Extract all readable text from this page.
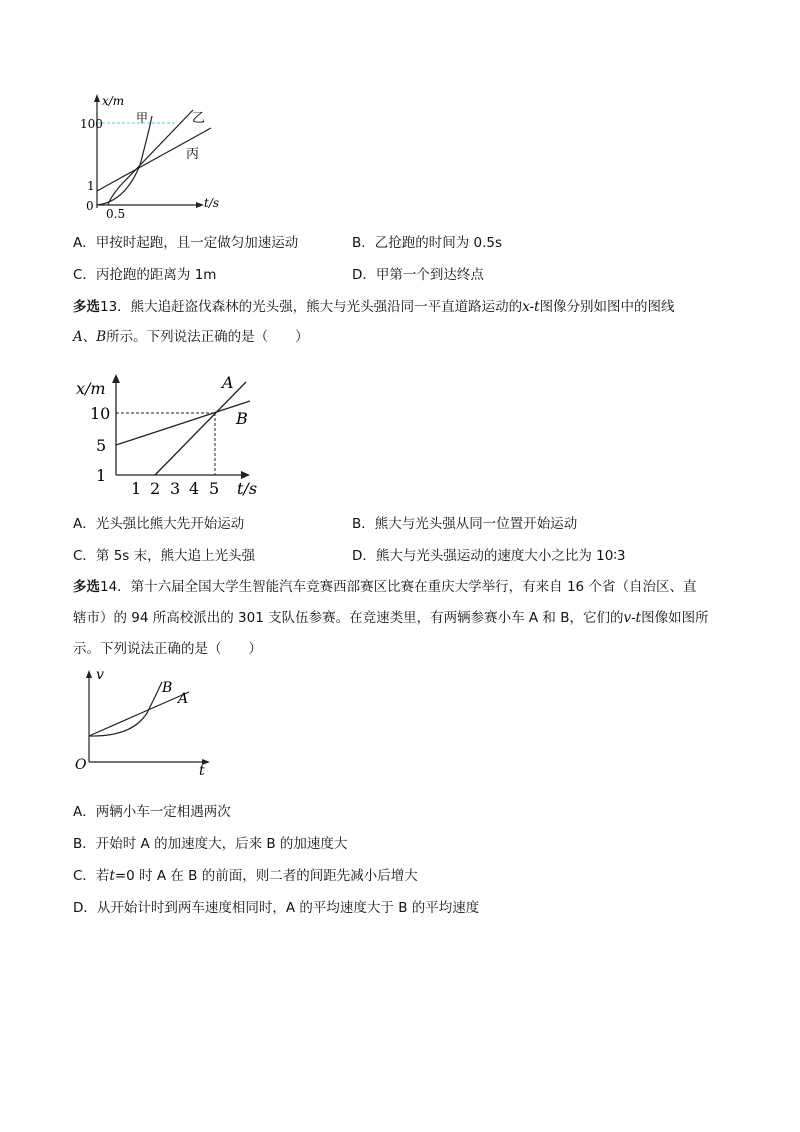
x/m
t/s
100
1
0
0.5
甲	乙
丙
A．甲按时起跑，且一定做匀加速运动	B．乙抢跑的时间为 0.5s
C．丙抢跑的距离为 1m	D．甲第一个到达终点
多选13．熊大追赶盗伐森林的光头强，熊大与光头强沿同一平直道路运动的x-t图像分别如图中的图线
A、B所示。下列说法正确的是（　　）
x/m
10
5
1
1 2 3 4 5 t/s
A
B
A．光头强比熊大先开始运动	B．熊大与光头强从同一位置开始运动
C．第 5s 末，熊大追上光头强	D．熊大与光头强运动的速度大小之比为 10∶3
多选14．第十六届全国大学生智能汽车竞赛西部赛区比赛在重庆大学举行，有来自 16 个省（自治区、直
辖市）的 94 所高校派出的 301 支队伍参赛。在竞速类里，有两辆参赛小车 A 和 B，它们的v-t图像如图所
示。下列说法正确的是（　　）
v
t
O
B
A
A．两辆小车一定相遇两次
B．开始时 A 的加速度大，后来 B 的加速度大
C．若t=0 时 A 在 B 的前面，则二者的间距先减小后增大
D．从开始计时到两车速度相同时，A 的平均速度大于 B 的平均速度
